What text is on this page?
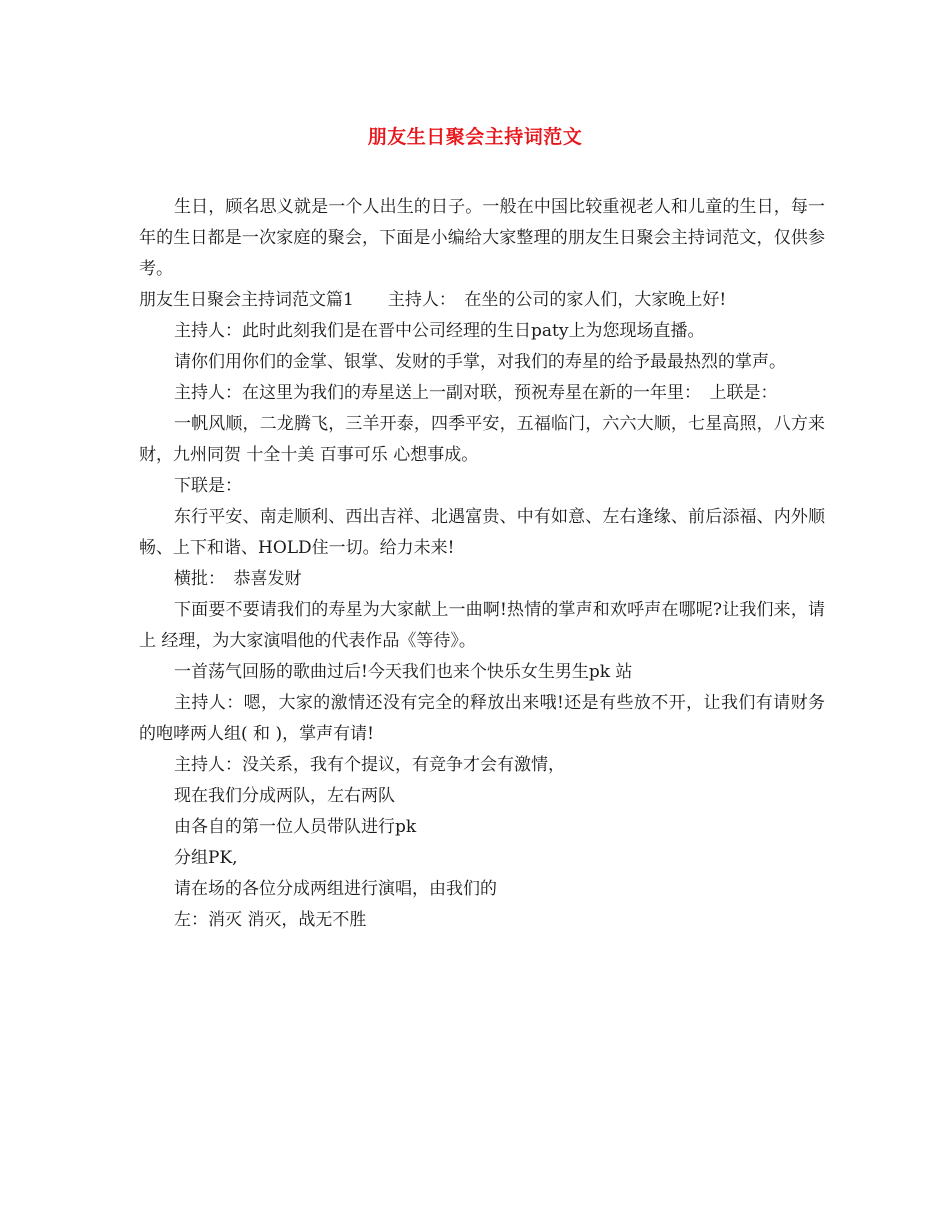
朋友生日聚会主持词范文

生日，顾名思义就是一个人出生的日子。一般在中国比较重视老人和儿童的生日，每一年的生日都是一次家庭的聚会，下面是小编给大家整理的朋友生日聚会主持词范文，仅供参考。

朋友生日聚会主持词范文篇1　　主持人：　在坐的公司的家人们，大家晚上好!

主持人：此时此刻我们是在晋中公司经理的生日paty上为您现场直播。

请你们用你们的金掌、银掌、发财的手掌，对我们的寿星的给予最最热烈的掌声。

主持人：在这里为我们的寿星送上一副对联，预祝寿星在新的一年里：　上联是：

一帆风顺，二龙腾飞，三羊开泰，四季平安，五福临门，六六大顺，七星高照，八方来财，九州同贺 十全十美 百事可乐 心想事成。

下联是：

东行平安、南走顺利、西出吉祥、北遇富贵、中有如意、左右逢缘、前后添福、内外顺畅、上下和谐、HOLD住一切。给力未来!

横批：　恭喜发财

下面要不要请我们的寿星为大家献上一曲啊!热情的掌声和欢呼声在哪呢?让我们来，请上 经理，为大家演唱他的代表作品《等待》。

一首荡气回肠的歌曲过后!今天我们也来个快乐女生男生pk 站

主持人：嗯，大家的激情还没有完全的释放出来哦!还是有些放不开，让我们有请财务的咆哮两人组( 和 )，掌声有请!

主持人：没关系，我有个提议，有竞争才会有激情，

现在我们分成两队，左右两队

由各自的第一位人员带队进行pk

分组PK,

请在场的各位分成两组进行演唱，由我们的

左：消灭 消灭，战无不胜
